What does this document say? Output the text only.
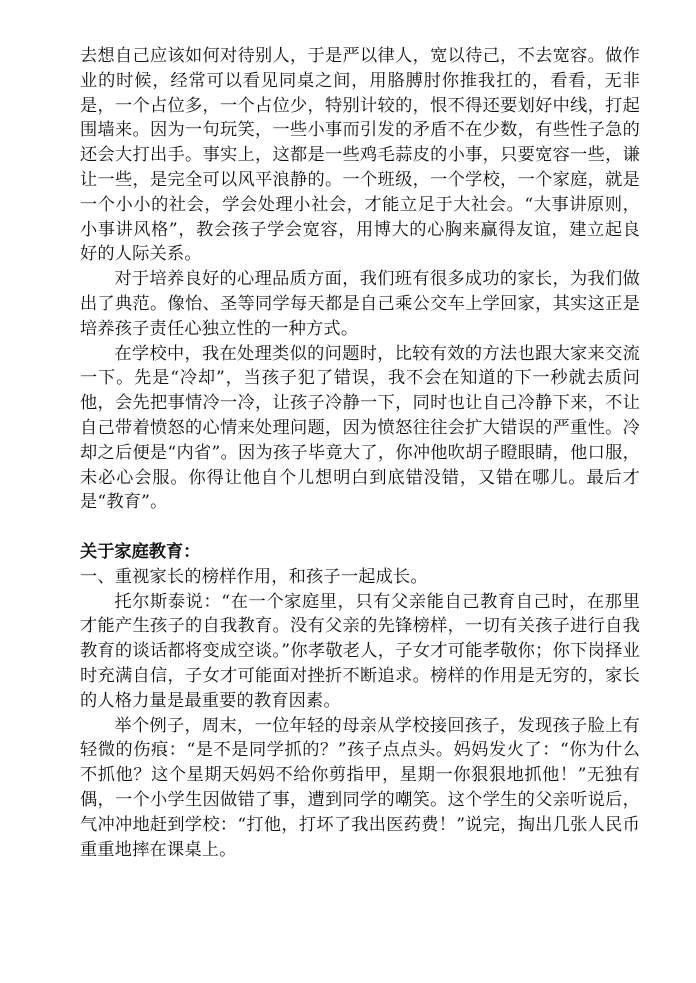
去想自己应该如何对待别人，于是严以律人，宽以待己，不去宽容。做作业的时候，经常可以看见同桌之间，用胳膊肘你推我扛的，看看，无非是，一个占位多，一个占位少，特别计较的，恨不得还要划好中线，打起围墙来。因为一句玩笑，一些小事而引发的矛盾不在少数，有些性子急的还会大打出手。事实上，这都是一些鸡毛蒜皮的小事，只要宽容一些，谦让一些，是完全可以风平浪静的。一个班级，一个学校，一个家庭，就是一个小小的社会，学会处理小社会，才能立足于大社会。“大事讲原则，小事讲风格”，教会孩子学会宽容，用博大的心胸来赢得友谊，建立起良好的人际关系。

对于培养良好的心理品质方面，我们班有很多成功的家长，为我们做出了典范。像怡、圣等同学每天都是自己乘公交车上学回家，其实这正是培养孩子责任心独立性的一种方式。

在学校中，我在处理类似的问题时，比较有效的方法也跟大家来交流一下。先是“冷却”，当孩子犯了错误，我不会在知道的下一秒就去质问他，会先把事情冷一冷，让孩子冷静一下，同时也让自己冷静下来，不让自己带着愤怒的心情来处理问题，因为愤怒往往会扩大错误的严重性。冷却之后便是“内省”。因为孩子毕竟大了，你冲他吹胡子瞪眼睛，他口服，未必心会服。你得让他自个儿想明白到底错没错，又错在哪儿。最后才是“教育”。

关于家庭教育：

一、重视家长的榜样作用，和孩子一起成长。

托尔斯泰说：“在一个家庭里，只有父亲能自己教育自己时，在那里才能产生孩子的自我教育。没有父亲的先锋榜样，一切有关孩子进行自我教育的谈话都将变成空谈。”你孝敬老人，子女才可能孝敬你；你下岗择业时充满自信，子女才可能面对挫折不断追求。榜样的作用是无穷的，家长的人格力量是最重要的教育因素。

举个例子，周末，一位年轻的母亲从学校接回孩子，发现孩子脸上有轻微的伤痕：“是不是同学抓的？”孩子点点头。妈妈发火了：“你为什么不抓他？这个星期天妈妈不给你剪指甲，星期一你狠狠地抓他！”无独有偶，一个小学生因做错了事，遭到同学的嘲笑。这个学生的父亲听说后，气冲冲地赶到学校：“打他，打坏了我出医药费！”说完，掏出几张人民币重重地摔在课桌上。
